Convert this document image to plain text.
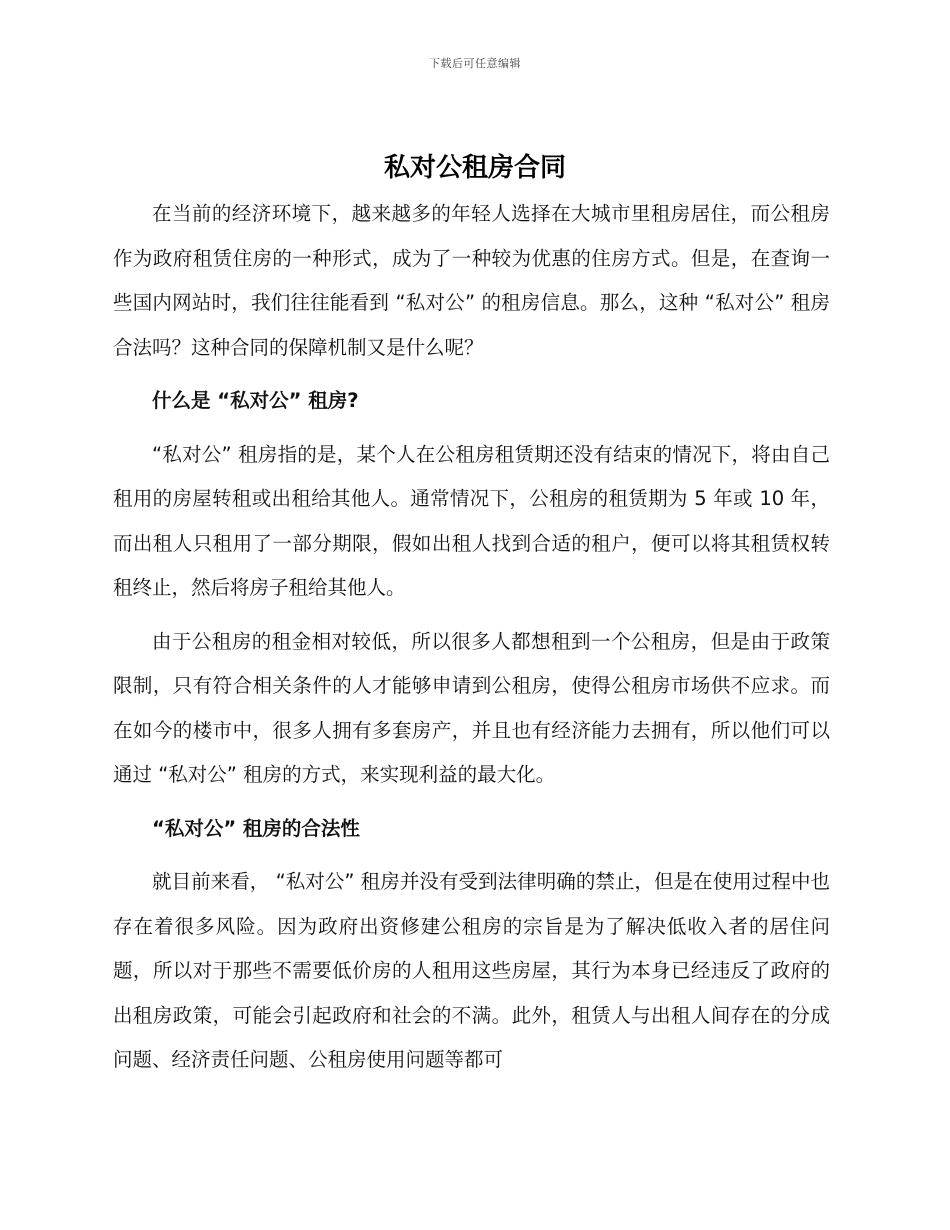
下载后可任意编辑
私对公租房合同

在当前的经济环境下，越来越多的年轻人选择在大城市里租房居住，而公租房作为政府租赁住房的一种形式，成为了一种较为优惠的住房方式。但是，在查询一些国内网站时，我们往往能看到 “私对公” 的租房信息。那么，这种 “私对公” 租房合法吗？这种合同的保障机制又是什么呢？

什么是 “私对公” 租房?

“私对公” 租房指的是，某个人在公租房租赁期还没有结束的情况下，将由自己租用的房屋转租或出租给其他人。通常情况下，公租房的租赁期为 5 年或 10 年，而出租人只租用了一部分期限，假如出租人找到合适的租户，便可以将其租赁权转租终止，然后将房子租给其他人。

由于公租房的租金相对较低，所以很多人都想租到一个公租房，但是由于政策限制，只有符合相关条件的人才能够申请到公租房，使得公租房市场供不应求。而在如今的楼市中，很多人拥有多套房产，并且也有经济能力去拥有，所以他们可以通过 “私对公” 租房的方式，来实现利益的最大化。

“私对公” 租房的合法性

就目前来看， “私对公” 租房并没有受到法律明确的禁止，但是在使用过程中也存在着很多风险。因为政府出资修建公租房的宗旨是为了解决低收入者的居住问题，所以对于那些不需要低价房的人租用这些房屋，其行为本身已经违反了政府的出租房政策，可能会引起政府和社会的不满。此外，租赁人与出租人间存在的分成问题、经济责任问题、公租房使用问题等都可
